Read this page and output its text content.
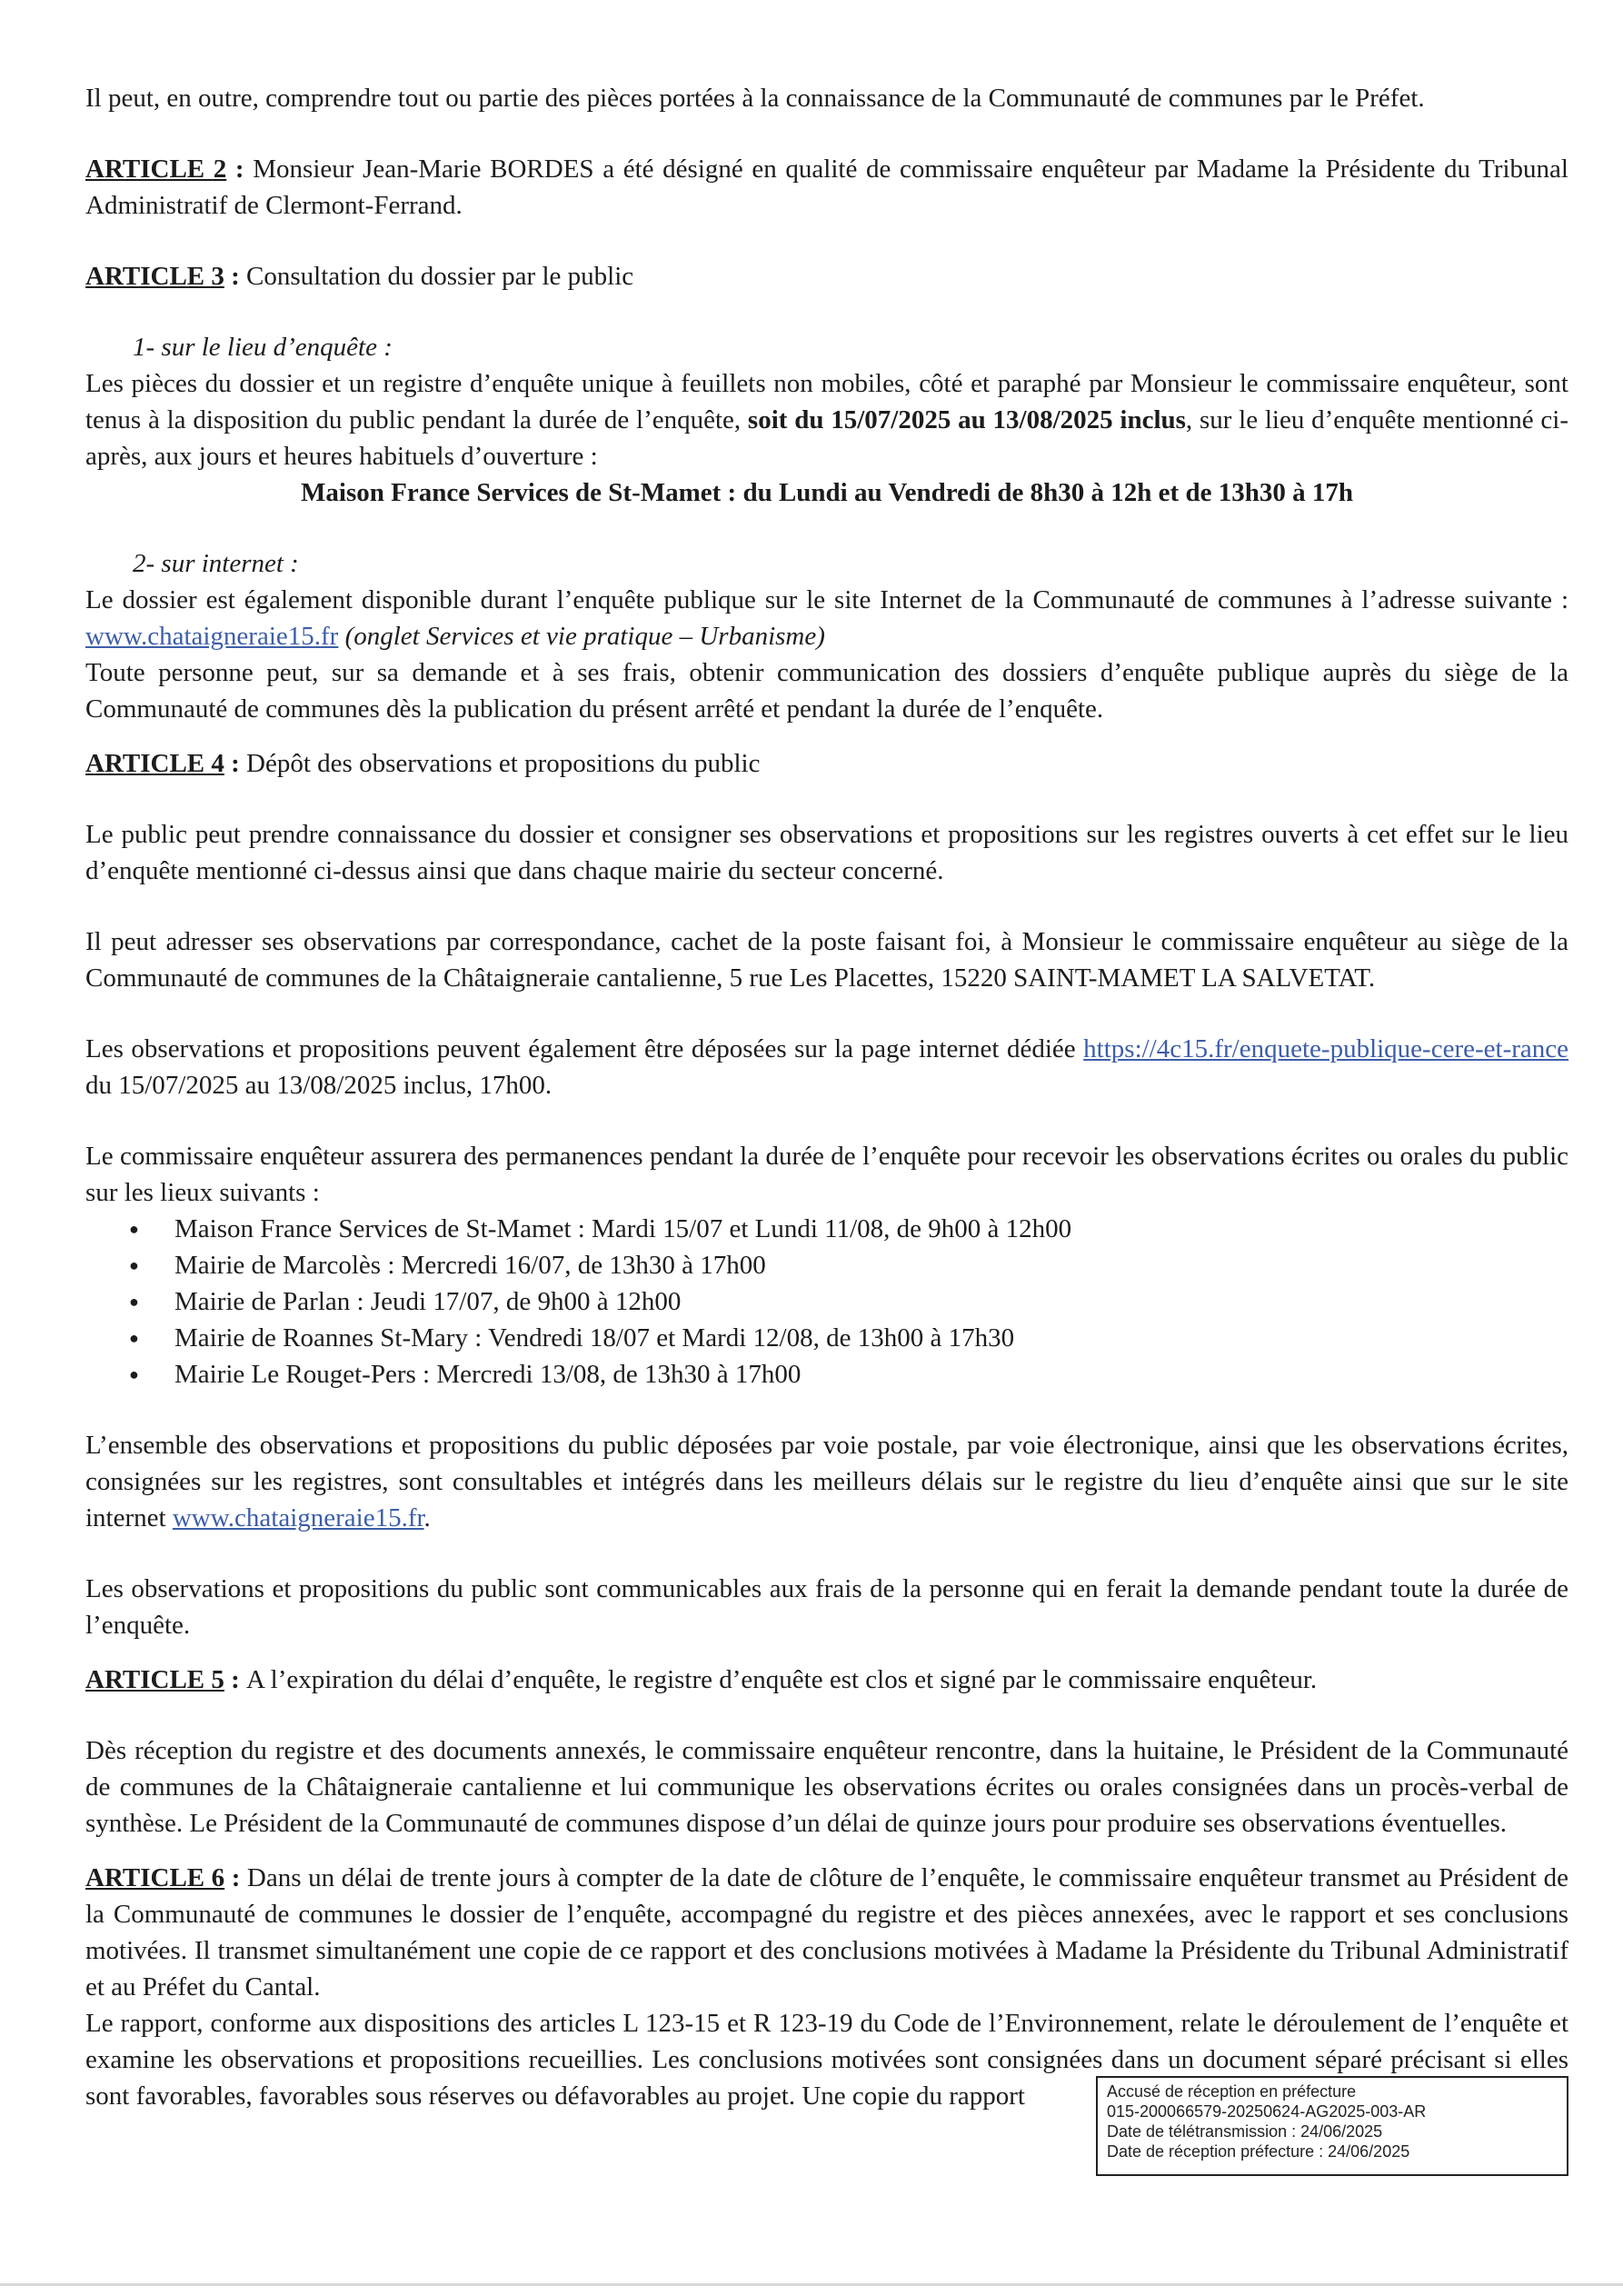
Il peut, en outre, comprendre tout ou partie des pièces portées à la connaissance de la Communauté de communes par le Préfet.

ARTICLE 2 : Monsieur Jean-Marie BORDES a été désigné en qualité de commissaire enquêteur par Madame la Présidente du Tribunal Administratif de Clermont-Ferrand.

ARTICLE 3 : Consultation du dossier par le public

1- sur le lieu d’enquête :

Les pièces du dossier et un registre d’enquête unique à feuillets non mobiles, côté et paraphé par Monsieur le commissaire enquêteur, sont tenus à la disposition du public pendant la durée de l’enquête, soit du 15/07/2025 au 13/08/2025 inclus, sur le lieu d’enquête mentionné ci-après, aux jours et heures habituels d’ouverture :

Maison France Services de St-Mamet : du Lundi au Vendredi de 8h30 à 12h et de 13h30 à 17h

2- sur internet :

Le dossier est également disponible durant l’enquête publique sur le site Internet de la Communauté de communes à l’adresse suivante : www.chataigneraie15.fr (onglet Services et vie pratique – Urbanisme)

Toute personne peut, sur sa demande et à ses frais, obtenir communication des dossiers d’enquête publique auprès du siège de la Communauté de communes dès la publication du présent arrêté et pendant la durée de l’enquête.

ARTICLE 4 : Dépôt des observations et propositions du public

Le public peut prendre connaissance du dossier et consigner ses observations et propositions sur les registres ouverts à cet effet sur le lieu d’enquête mentionné ci-dessus ainsi que dans chaque mairie du secteur concerné.

Il peut adresser ses observations par correspondance, cachet de la poste faisant foi, à Monsieur le commissaire enquêteur au siège de la Communauté de communes de la Châtaigneraie cantalienne, 5 rue Les Placettes, 15220 SAINT-MAMET LA SALVETAT.

Les observations et propositions peuvent également être déposées sur la page internet dédiée https://4c15.fr/enquete-publique-cere-et-rance du 15/07/2025 au 13/08/2025 inclus, 17h00.

Le commissaire enquêteur assurera des permanences pendant la durée de l’enquête pour recevoir les observations écrites ou orales du public sur les lieux suivants :

● Maison France Services de St-Mamet : Mardi 15/07 et Lundi 11/08, de 9h00 à 12h00
● Mairie de Marcolès : Mercredi 16/07, de 13h30 à 17h00
● Mairie de Parlan : Jeudi 17/07, de 9h00 à 12h00
● Mairie de Roannes St-Mary : Vendredi 18/07 et Mardi 12/08, de 13h00 à 17h30
● Mairie Le Rouget-Pers : Mercredi 13/08, de 13h30 à 17h00

L’ensemble des observations et propositions du public déposées par voie postale, par voie électronique, ainsi que les observations écrites, consignées sur les registres, sont consultables et intégrés dans les meilleurs délais sur le registre du lieu d’enquête ainsi que sur le site internet www.chataigneraie15.fr.

Les observations et propositions du public sont communicables aux frais de la personne qui en ferait la demande pendant toute la durée de l’enquête.

ARTICLE 5 : A l’expiration du délai d’enquête, le registre d’enquête est clos et signé par le commissaire enquêteur.

Dès réception du registre et des documents annexés, le commissaire enquêteur rencontre, dans la huitaine, le Président de la Communauté de communes de la Châtaigneraie cantalienne et lui communique les observations écrites ou orales consignées dans un procès-verbal de synthèse. Le Président de la Communauté de communes dispose d’un délai de quinze jours pour produire ses observations éventuelles.

ARTICLE 6 : Dans un délai de trente jours à compter de la date de clôture de l’enquête, le commissaire enquêteur transmet au Président de la Communauté de communes le dossier de l’enquête, accompagné du registre et des pièces annexées, avec le rapport et ses conclusions motivées. Il transmet simultanément une copie de ce rapport et des conclusions motivées à Madame la Présidente du Tribunal Administratif et au Préfet du Cantal.

Le rapport, conforme aux dispositions des articles L 123-15 et R 123-19 du Code de l’Environnement, relate le déroulement de l’enquête et examine les observations et propositions recueillies. Les conclusions motivées sont consignées dans un document séparé précisant si elles sont favorables, favorables sous réserves ou défavorables au projet. Une copie du rapport	Accusé de réception en préfecture
015-200066579-20250624-AG2025-003-AR
Date de télétransmission : 24/06/2025
Date de réception préfecture : 24/06/2025
